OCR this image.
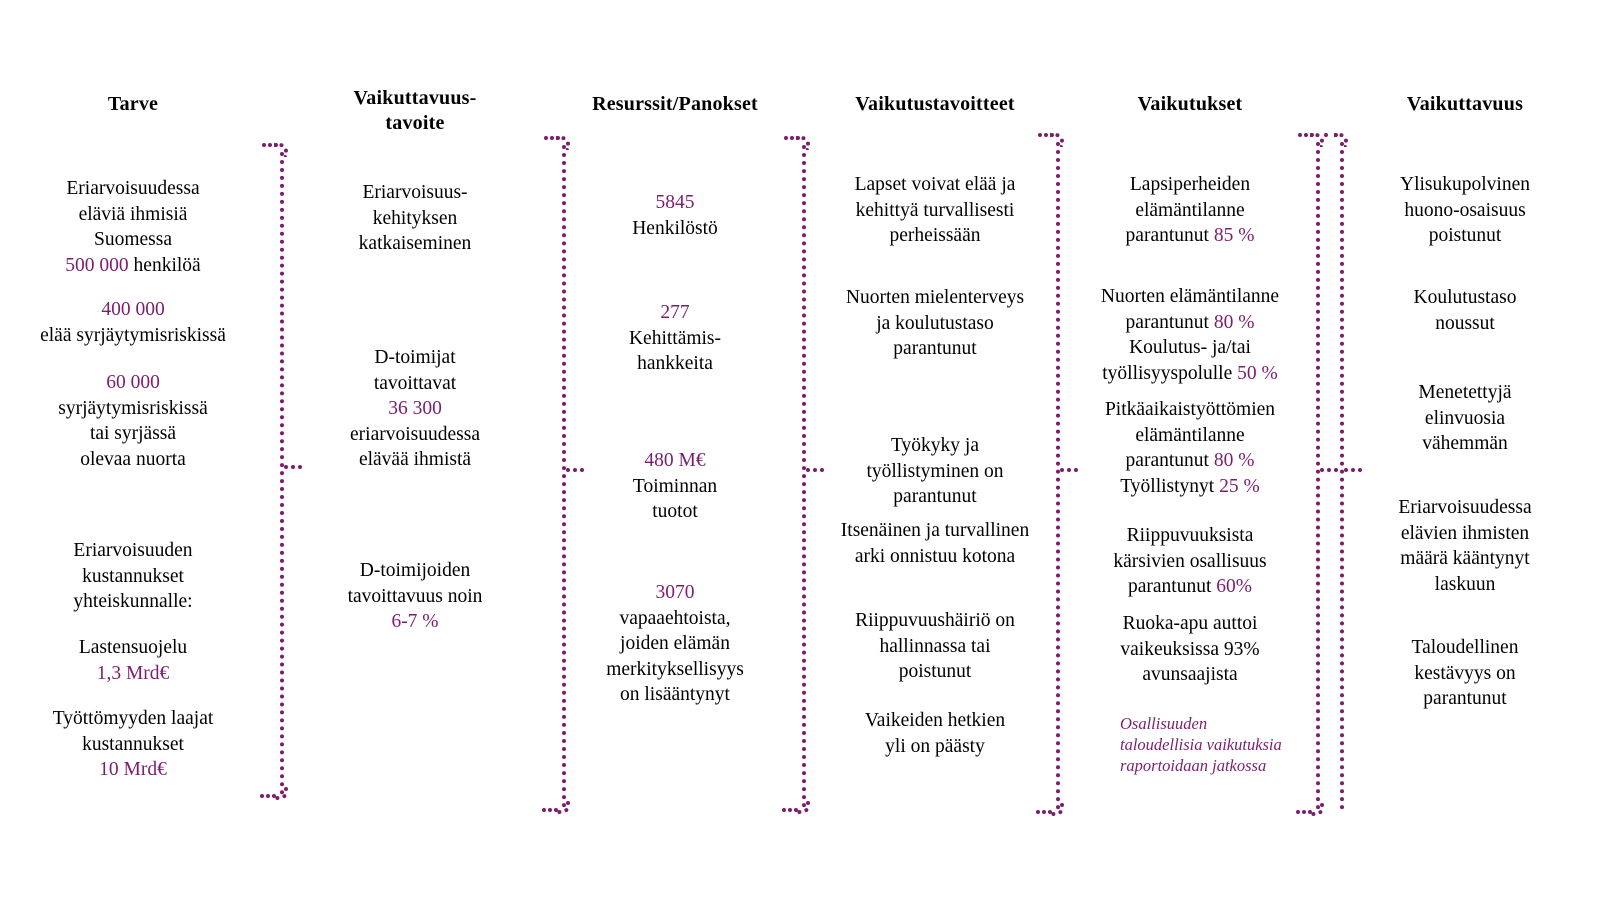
Tarve
Eriarvoisuudessa
eläviä ihmisiä
Suomessa
500 000 henkilöä
400 000
elää syrjäytymisriskissä
60 000
syrjäytymisriskissä
tai syrjässä
olevaa nuorta
Eriarvoisuuden
kustannukset
yhteiskunnalle:
Lastensuojelu
1,3 Mrd€
Työttömyyden laajat
kustannukset
10 Mrd€
Vaikuttavuus-
tavoite
Eriarvoisuus-
kehityksen
katkaiseminen
D-toimijat
tavoittavat
36 300
eriarvoisuudessa
elävää ihmistä
D-toimijoiden
tavoittavuus noin
6-7 %
Resurssit/Panokset
5845
Henkilöstö
277
Kehittämis-
hankkeita
480 M€
Toiminnan
tuotot
3070
vapaaehtoista,
joiden elämän
merkityksellisyys
on lisääntynyt
Vaikutustavoitteet
Lapset voivat elää ja
kehittyä turvallisesti
perheissään
Nuorten mielenterveys
ja koulutustaso
parantunut
Työkyky ja
työllistyminen on
parantunut
Itsenäinen ja turvallinen
arki onnistuu kotona
Riippuvuushäiriö on
hallinnassa tai
poistunut
Vaikeiden hetkien
yli on päästy
Vaikutukset
Lapsiperheiden
elämäntilanne
parantunut 85 %
Nuorten elämäntilanne
parantunut 80 %
Koulutus- ja/tai
työllisyyspolulle 50 %
Pitkäaikaistyöttömien
elämäntilanne
parantunut 80 %
Työllistynyt 25 %
Riippuvuuksista
kärsivien osallisuus
parantunut 60%
Ruoka-apu auttoi
vaikeuksissa 93%
avunsaajista
Osallisuuden
taloudellisia vaikutuksia
raportoidaan jatkossa
Vaikuttavuus
Ylisukupolvinen
huono-osaisuus
poistunut
Koulutustaso
noussut
Menetettyjä
elinvuosia
vähemmän
Eriarvoisuudessa
elävien ihmisten
määrä kääntynyt
laskuun
Taloudellinen
kestävyys on
parantunut
